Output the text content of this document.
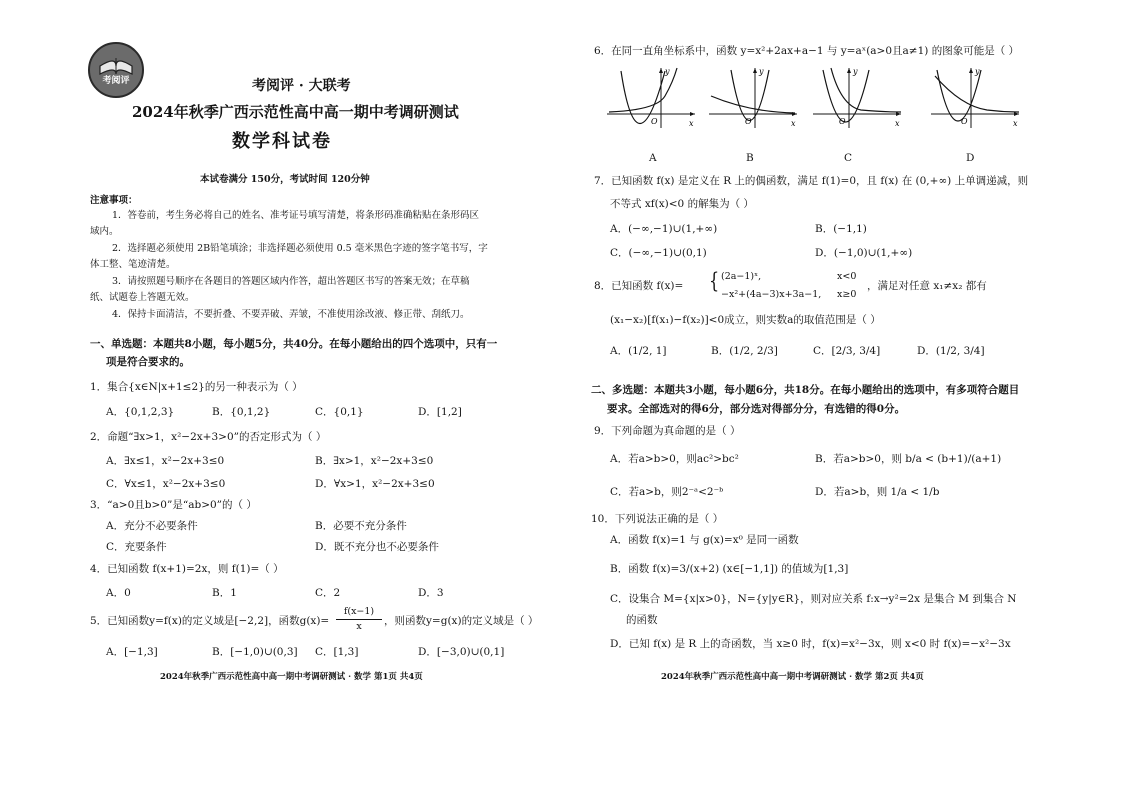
考阅评	考阅评 · 大联考
2024年秋季广西示范性高中高一期中考调研测试
数学科试卷
本试卷满分 150分，考试时间 120分钟
注意事项：
1．答卷前，考生务必将自己的姓名、准考证号填写清楚，将条形码准确粘贴在条形码区
域内。
2．选择题必须使用 2B铅笔填涂；非选择题必须使用 0.5 毫米黑色字迹的签字笔书写，字
体工整、笔迹清楚。
3．请按照题号顺序在各题目的答题区域内作答，超出答题区书写的答案无效；在草稿
纸、试题卷上答题无效。
4．保持卡面清洁，不要折叠、不要弄破、弄皱，不准使用涂改液、修正带、刮纸刀。
一、单选题：本题共8小题，每小题5分，共40分。在每小题给出的四个选项中，只有一
项是符合要求的。
1．集合{x∈N|x+1≤2}的另一种表示为（ ）
A．{0,1,2,3}	B．{0,1,2}	C．{0,1}	D．[1,2]
2．命题“∃x>1，x²−2x+3>0”的否定形式为（ ）
A．∃x≤1，x²−2x+3≤0	B．∃x>1，x²−2x+3≤0
C．∀x≤1，x²−2x+3≤0	D．∀x>1，x²−2x+3≤0
3．“a>0且b>0”是“ab>0”的（ ）
A．充分不必要条件	B．必要不充分条件
C．充要条件	D．既不充分也不必要条件
4．已知函数 f(x+1)=2x，则 f(1)=（ ）
A．0	B．1	C．2	D．3
5．已知函数y=f(x)的定义域是[−2,2]，函数g(x)=
f(x−1)
x	，则函数y=g(x)的定义域是（ ）
A．[−1,3]	B．[−1,0)∪(0,3] C．[1,3]	D．[−3,0)∪(0,1]
2024年秋季广西示范性高中高一期中考调研测试 · 数学 第1页 共4页
6．在同一直角坐标系中，函数 y=x²+2ax+a−1 与 y=aˣ(a>0且a≠1) 的图象可能是（ ）
y
x
O
y
x
O
y
x
O
y
x
O
A	B	C	D
7．已知函数 f(x) 是定义在 R 上的偶函数，满足 f(1)=0，且 f(x) 在 (0,+∞) 上单调递减，则
不等式 xf(x)<0 的解集为（ ）
A．(−∞,−1)∪(1,+∞)	B．(−1,1)
C．(−∞,−1)∪(0,1)	D．(−1,0)∪(1,+∞)
8．已知函数 f(x)= { (2a−1)ˣ,	x<0
−x²+(4a−3)x+3a−1, x≥0
，满足对任意 x₁≠x₂ 都有
(x₁−x₂)[f(x₁)−f(x₂)]<0成立，则实数a的取值范围是（ ）
A．(1/2, 1]	B．(1/2, 2/3]	C．[2/3, 3/4]	D．(1/2, 3/4]
二、多选题：本题共3小题，每小题6分，共18分。在每小题给出的选项中，有多项符合题目
要求。全部选对的得6分，部分选对得部分分，有选错的得0分。
9．下列命题为真命题的是（ ）
A．若a>b>0，则ac²>bc²	B．若a>b>0，则 b/a < (b+1)/(a+1)
C．若a>b，则2⁻ᵃ<2⁻ᵇ	D．若a>b，则 1/a < 1/b
10．下列说法正确的是（ ）
A．函数 f(x)=1 与 g(x)=x⁰ 是同一函数
B．函数 f(x)=3/(x+2) (x∈[−1,1]) 的值域为[1,3]
C．设集合 M={x|x>0}，N={y|y∈R}，则对应关系 f:x→y²=2x 是集合 M 到集合 N
的函数
D．已知 f(x) 是 R 上的奇函数，当 x≥0 时，f(x)=x²−3x，则 x<0 时 f(x)=−x²−3x
2024年秋季广西示范性高中高一期中考调研测试 · 数学 第2页 共4页
